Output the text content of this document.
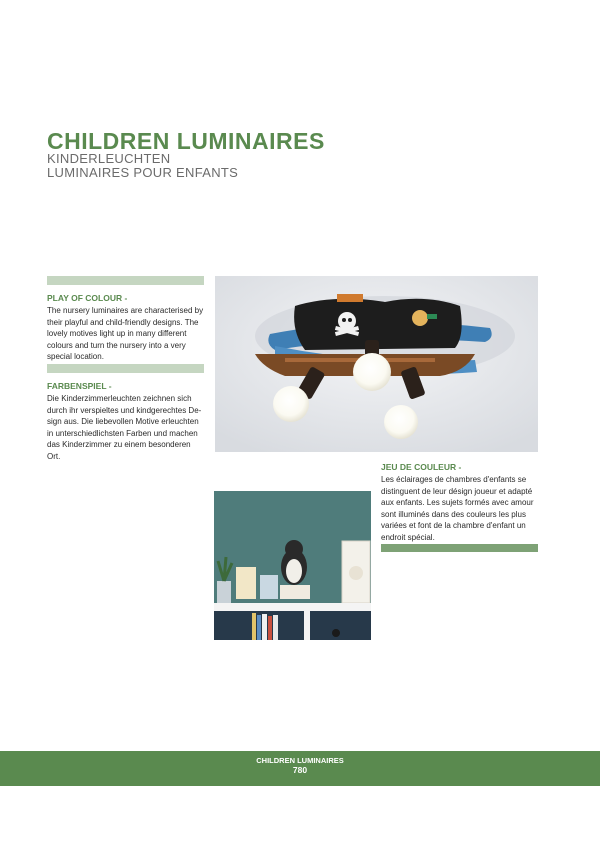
CHILDREN LUMINAIRES
KINDERLEUCHTEN
LUMINAIRES POUR ENFANTS
PLAY OF COLOUR -
The nursery luminaires are characterised by
their playful and child-friendly designs. The
lovely motives light up in many different
colours and turn the nursery into a very
special location.
FARBENSPIEL -
Die Kinderzimmerleuchten zeichnen sich
durch ihr verspieltes und kindgerechtes De-
sign aus. Die liebevollen Motive erleuchten
in unterschiedlichsten Farben und machen
das Kinderzimmer zu einem besonderen
Ort.
JEU DE COULEUR -
Les éclairages de chambres d'enfants se
distinguent de leur désign joueur et adapté
aux enfants. Les sujets formés avec amour
sont illuminés dans des couleurs les plus
variées et font de la chambre d'enfant un
endroit spécial.
CHILDREN LUMINAIRES
780
